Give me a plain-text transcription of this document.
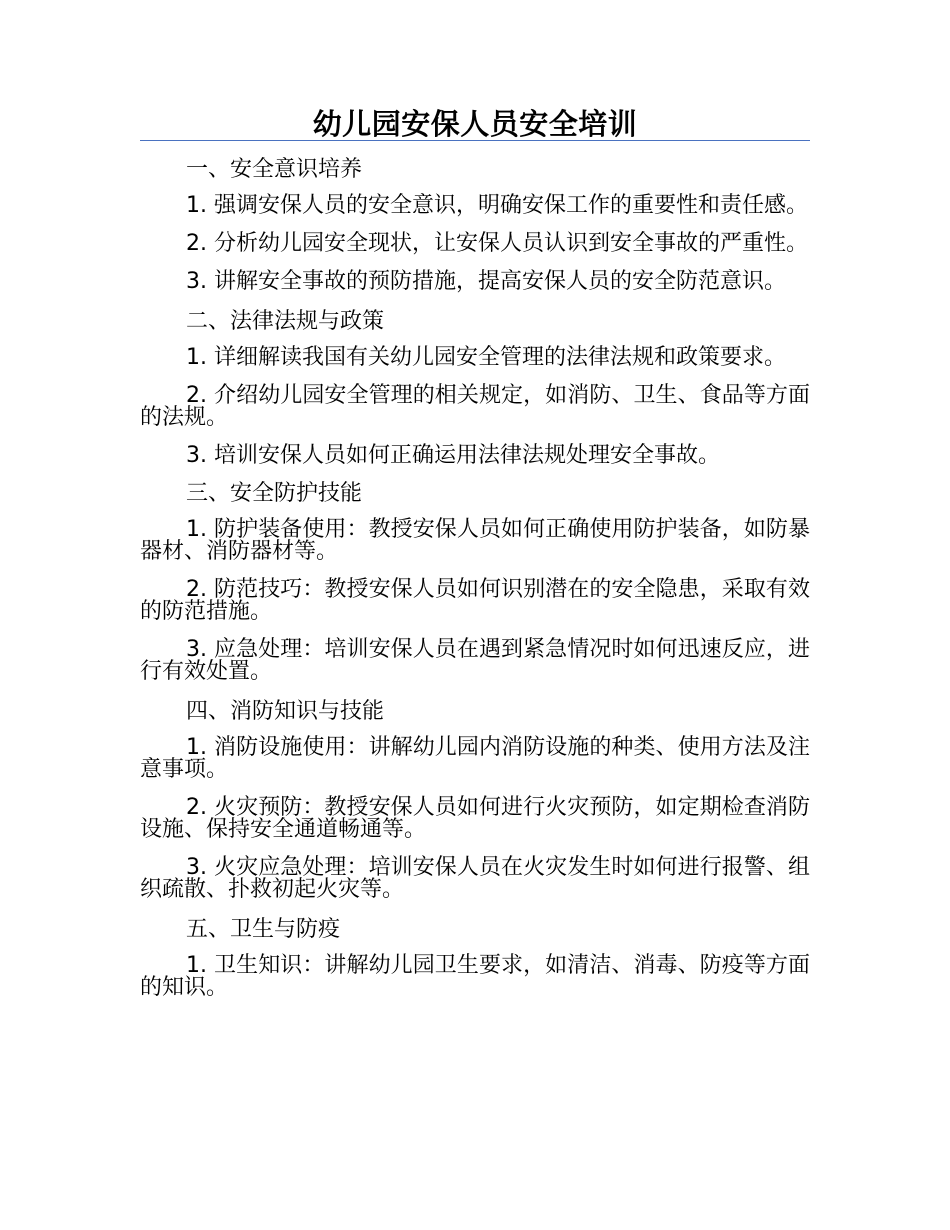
幼儿园安保人员安全培训

一、安全意识培养

1. 强调安保人员的安全意识，明确安保工作的重要性和责任感。

2. 分析幼儿园安全现状，让安保人员认识到安全事故的严重性。

3. 讲解安全事故的预防措施，提高安保人员的安全防范意识。

二、法律法规与政策

1. 详细解读我国有关幼儿园安全管理的法律法规和政策要求。

2. 介绍幼儿园安全管理的相关规定，如消防、卫生、食品等方面的法规。

3. 培训安保人员如何正确运用法律法规处理安全事故。

三、安全防护技能

1. 防护装备使用：教授安保人员如何正确使用防护装备，如防暴器材、消防器材等。

2. 防范技巧：教授安保人员如何识别潜在的安全隐患，采取有效的防范措施。

3. 应急处理：培训安保人员在遇到紧急情况时如何迅速反应，进行有效处置。

四、消防知识与技能

1. 消防设施使用：讲解幼儿园内消防设施的种类、使用方法及注意事项。

2. 火灾预防：教授安保人员如何进行火灾预防，如定期检查消防设施、保持安全通道畅通等。

3. 火灾应急处理：培训安保人员在火灾发生时如何进行报警、组织疏散、扑救初起火灾等。

五、卫生与防疫

1. 卫生知识：讲解幼儿园卫生要求，如清洁、消毒、防疫等方面的知识。
